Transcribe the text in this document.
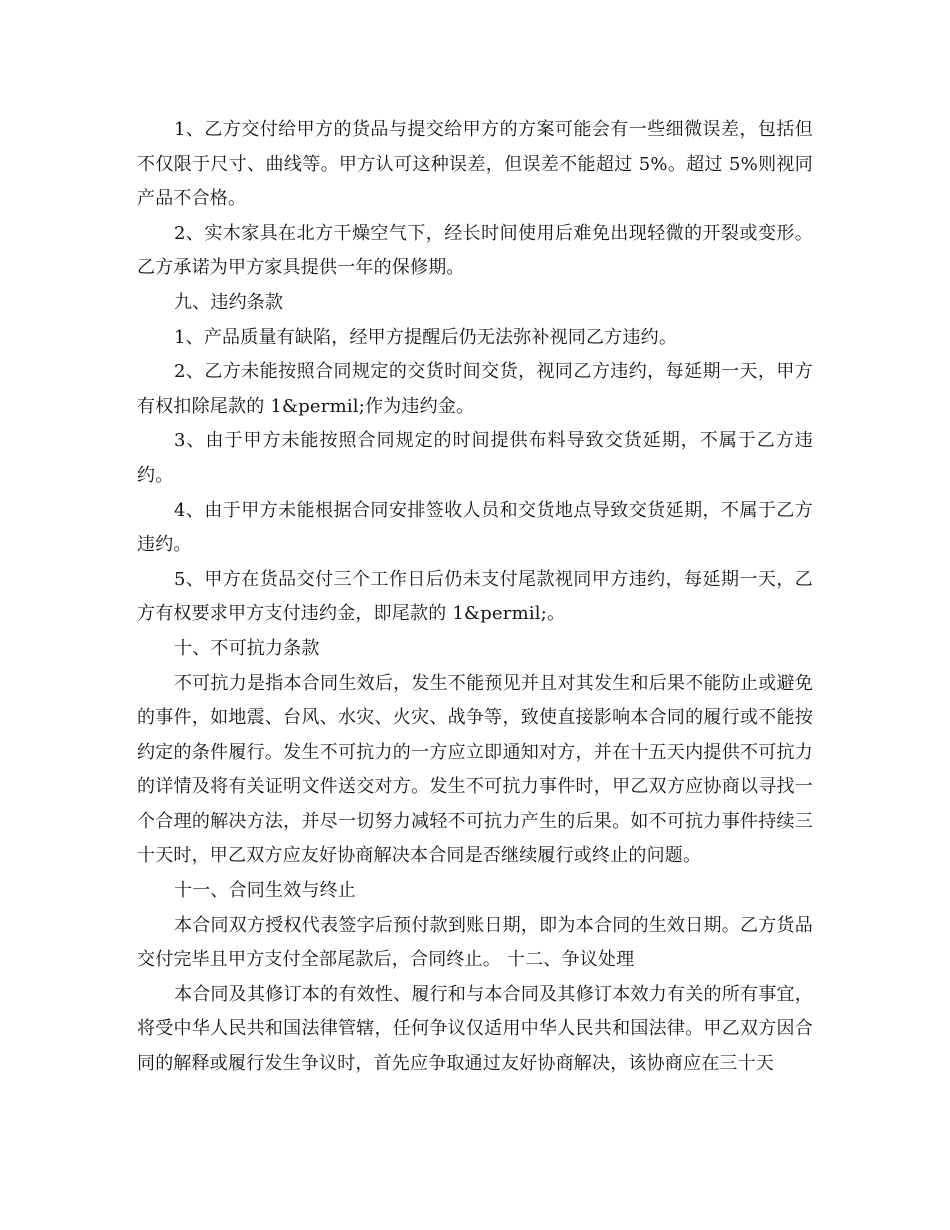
1、乙方交付给甲方的货品与提交给甲方的方案可能会有一些细微误差，包括但不仅限于尺寸、曲线等。甲方认可这种误差，但误差不能超过 5%。超过 5%则视同产品不合格。

2、实木家具在北方干燥空气下，经长时间使用后难免出现轻微的开裂或变形。乙方承诺为甲方家具提供一年的保修期。

九、违约条款

1、产品质量有缺陷，经甲方提醒后仍无法弥补视同乙方违约。

2、乙方未能按照合同规定的交货时间交货，视同乙方违约，每延期一天，甲方有权扣除尾款的 1&permil;作为违约金。

3、由于甲方未能按照合同规定的时间提供布料导致交货延期，不属于乙方违约。

4、由于甲方未能根据合同安排签收人员和交货地点导致交货延期，不属于乙方违约。

5、甲方在货品交付三个工作日后仍未支付尾款视同甲方违约，每延期一天，乙方有权要求甲方支付违约金，即尾款的 1&permil;。

十、不可抗力条款

不可抗力是指本合同生效后，发生不能预见并且对其发生和后果不能防止或避免的事件，如地震、台风、水灾、火灾、战争等，致使直接影响本合同的履行或不能按约定的条件履行。发生不可抗力的一方应立即通知对方，并在十五天内提供不可抗力的详情及将有关证明文件送交对方。发生不可抗力事件时，甲乙双方应协商以寻找一个合理的解决方法，并尽一切努力减轻不可抗力产生的后果。如不可抗力事件持续三十天时，甲乙双方应友好协商解决本合同是否继续履行或终止的问题。

十一、合同生效与终止

本合同双方授权代表签字后预付款到账日期，即为本合同的生效日期。乙方货品交付完毕且甲方支付全部尾款后，合同终止。 十二、争议处理

本合同及其修订本的有效性、履行和与本合同及其修订本效力有关的所有事宜，将受中华人民共和国法律管辖，任何争议仅适用中华人民共和国法律。甲乙双方因合同的解释或履行发生争议时，首先应争取通过友好协商解决，该协商应在三十天
